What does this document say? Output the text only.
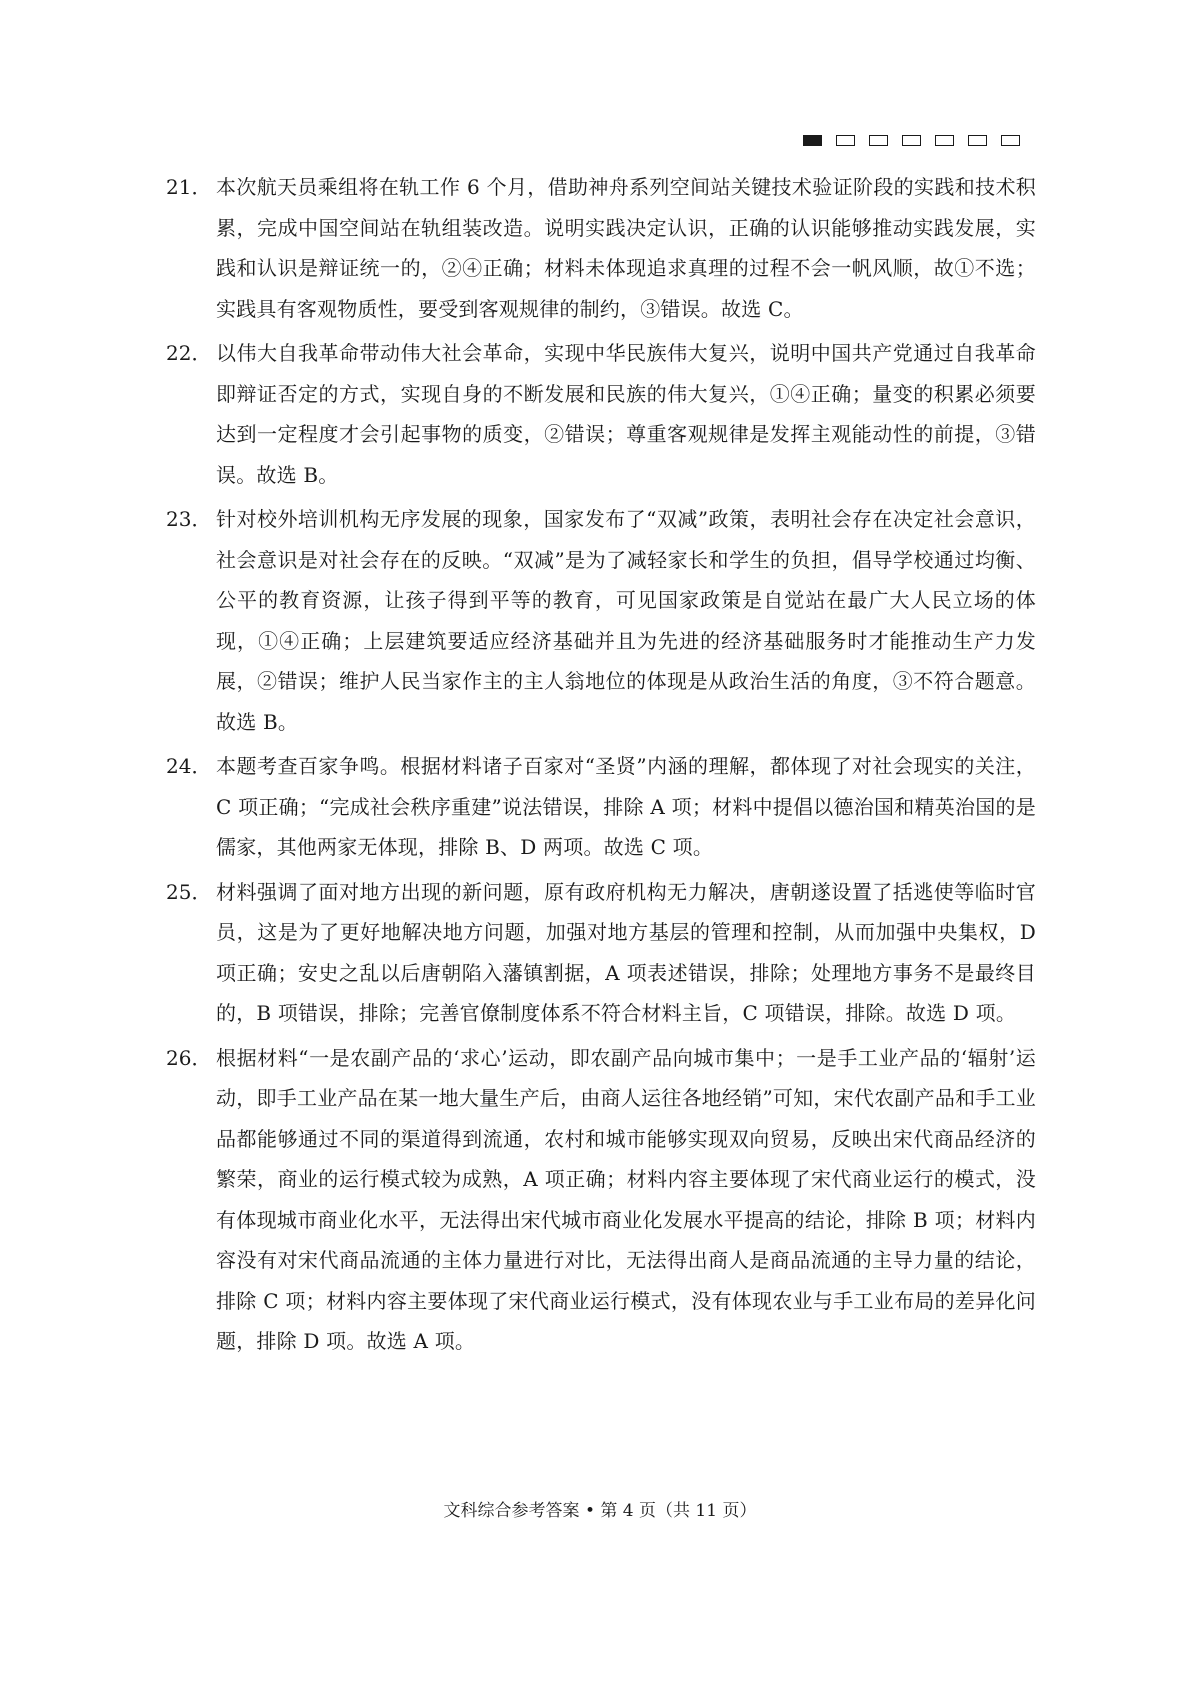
21． 本次航天员乘组将在轨工作 6 个月，借助神舟系列空间站关键技术验证阶段的实践和技术积累，完成中国空间站在轨组装改造。说明实践决定认识，正确的认识能够推动实践发展，实践和认识是辩证统一的，②④正确；材料未体现追求真理的过程不会一帆风顺，故①不选；实践具有客观物质性，要受到客观规律的制约，③错误。故选 C。
22． 以伟大自我革命带动伟大社会革命，实现中华民族伟大复兴，说明中国共产党通过自我革命即辩证否定的方式，实现自身的不断发展和民族的伟大复兴，①④正确；量变的积累必须要达到一定程度才会引起事物的质变，②错误；尊重客观规律是发挥主观能动性的前提，③错误。故选 B。
23． 针对校外培训机构无序发展的现象，国家发布了“双减”政策，表明社会存在决定社会意识，社会意识是对社会存在的反映。“双减”是为了减轻家长和学生的负担，倡导学校通过均衡、公平的教育资源，让孩子得到平等的教育，可见国家政策是自觉站在最广大人民立场的体现，①④正确；上层建筑要适应经济基础并且为先进的经济基础服务时才能推动生产力发展，②错误；维护人民当家作主的主人翁地位的体现是从政治生活的角度，③不符合题意。故选 B。
24． 本题考查百家争鸣。根据材料诸子百家对“圣贤”内涵的理解，都体现了对社会现实的关注，C 项正确；“完成社会秩序重建”说法错误，排除 A 项；材料中提倡以德治国和精英治国的是儒家，其他两家无体现，排除 B、D 两项。故选 C 项。
25． 材料强调了面对地方出现的新问题，原有政府机构无力解决，唐朝遂设置了括逃使等临时官员，这是为了更好地解决地方问题，加强对地方基层的管理和控制，从而加强中央集权，D 项正确；安史之乱以后唐朝陷入藩镇割据，A 项表述错误，排除；处理地方事务不是最终目的，B 项错误，排除；完善官僚制度体系不符合材料主旨，C 项错误，排除。故选 D 项。
26． 根据材料“一是农副产品的‘求心’运动，即农副产品向城市集中；一是手工业产品的‘辐射’运动，即手工业产品在某一地大量生产后，由商人运往各地经销”可知，宋代农副产品和手工业品都能够通过不同的渠道得到流通，农村和城市能够实现双向贸易，反映出宋代商品经济的繁荣，商业的运行模式较为成熟，A 项正确；材料内容主要体现了宋代商业运行的模式，没有体现城市商业化水平，无法得出宋代城市商业化发展水平提高的结论，排除 B 项；材料内容没有对宋代商品流通的主体力量进行对比，无法得出商人是商品流通的主导力量的结论，排除 C 项；材料内容主要体现了宋代商业运行模式，没有体现农业与手工业布局的差异化问题，排除 D 项。故选 A 项。
文科综合参考答案 • 第 4 页（共 11 页）
